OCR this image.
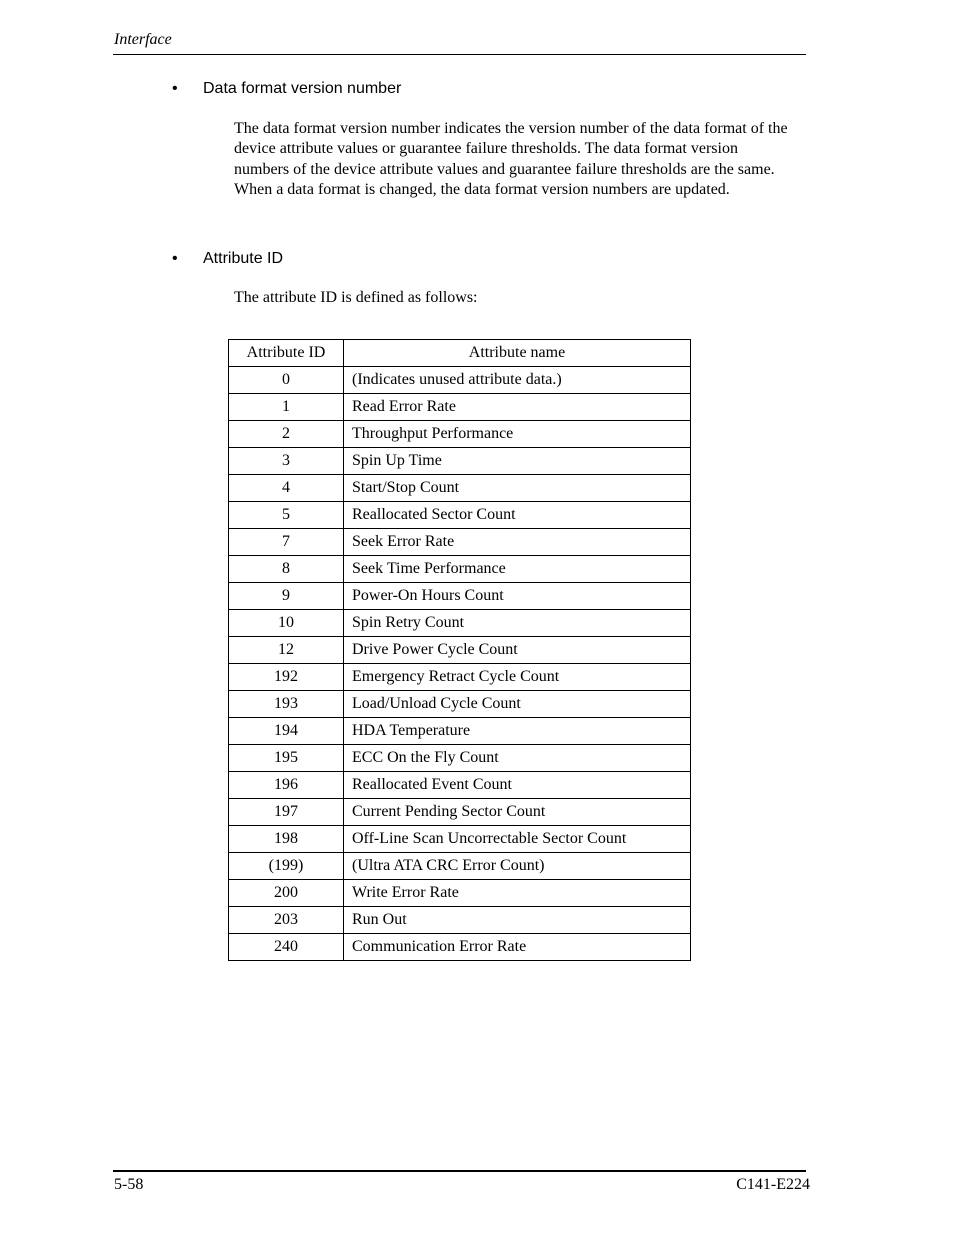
Interface
• Data format version number

The data format version number indicates the version number of the data format of the device attribute values or guarantee failure thresholds. The data format version numbers of the device attribute values and guarantee failure thresholds are the same. When a data format is changed, the data format version numbers are updated.

• Attribute ID

The attribute ID is defined as follows:

Attribute ID	Attribute name
0	(Indicates unused attribute data.)
1	Read Error Rate
2	Throughput Performance
3	Spin Up Time
4	Start/Stop Count
5	Reallocated Sector Count
7	Seek Error Rate
8	Seek Time Performance
9	Power-On Hours Count
10	Spin Retry Count
12	Drive Power Cycle Count
192	Emergency Retract Cycle Count
193	Load/Unload Cycle Count
194	HDA Temperature
195	ECC On the Fly Count
196	Reallocated Event Count
197	Current Pending Sector Count
198	Off-Line Scan Uncorrectable Sector Count
(199)	(Ultra ATA CRC Error Count)
200	Write Error Rate
203	Run Out
240	Communication Error Rate
5-58	C141-E224
